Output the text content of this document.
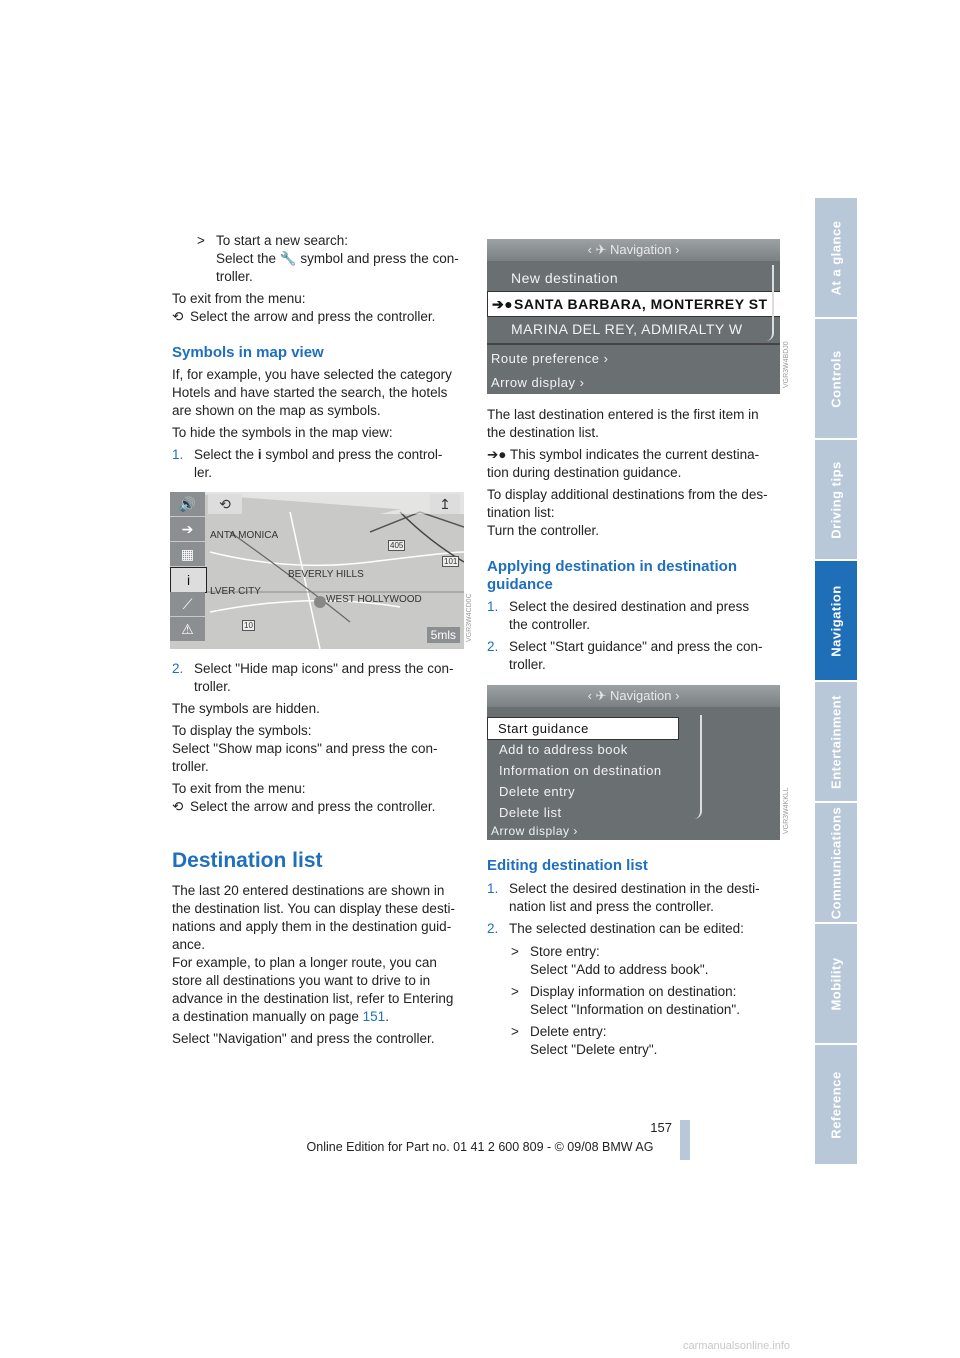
> To start a new search:

Select the 🔧 symbol and press the con-

troller.

To exit from the menu:

⟲ Select the arrow and press the controller.

Symbols in map view

If, for example, you have selected the category

Hotels and have started the search, the hotels

are shown on the map as symbols.

To hide the symbols in the map view:

1. Select the i symbol and press the control-

ler.

🔊
➔
▦
i
⟋
⚠
⟲	↥
ANTA MONICA
BEVERLY HILLS
LVER CITY
WEST HOLLYWOOD
405
101
10
5mls	VGR3W4CD0C

2. Select "Hide map icons" and press the con-

troller.

The symbols are hidden.

To display the symbols:

Select "Show map icons" and press the con-

troller.

To exit from the menu:

⟲ Select the arrow and press the controller.

Destination list

The last 20 entered destinations are shown in

the destination list. You can display these desti-

nations and apply them in the destination guid-

ance.

For example, to plan a longer route, you can

store all destinations you want to drive to in

advance in the destination list, refer to Entering

a destination manually on page 151.

Select "Navigation" and press the controller.

‹ ✈ Navigation ›
New destination
➔● SANTA BARBARA, MONTERREY ST
MARINA DEL REY, ADMIRALTY W
Route preference ›
Arrow display ›	VGR3W4BDJ0

The last destination entered is the first item in

the destination list.

➔● This symbol indicates the current destina-

tion during destination guidance.

To display additional destinations from the des-

tination list:

Turn the controller.

Applying destination in destination
guidance

1. Select the desired destination and press

the controller.

2. Select "Start guidance" and press the con-

troller.

‹ ✈ Navigation ›
Start guidance
Add to address book
Information on destination
Delete entry
Delete list
Arrow display ›	VGR3W4KKLL
Editing destination list

1. Select the desired destination in the desti-

nation list and press the controller.

2. The selected destination can be edited:

> Store entry:

Select "Add to address book".

> Display information on destination:

Select "Information on destination".

> Delete entry:

Select "Delete entry".

At a glance
Controls
Driving tips
Navigation
Entertainment
Communications
Mobility
Reference
157
Online Edition for Part no. 01 41 2 600 809 - © 09/08 BMW AG
carmanualsonline.info
